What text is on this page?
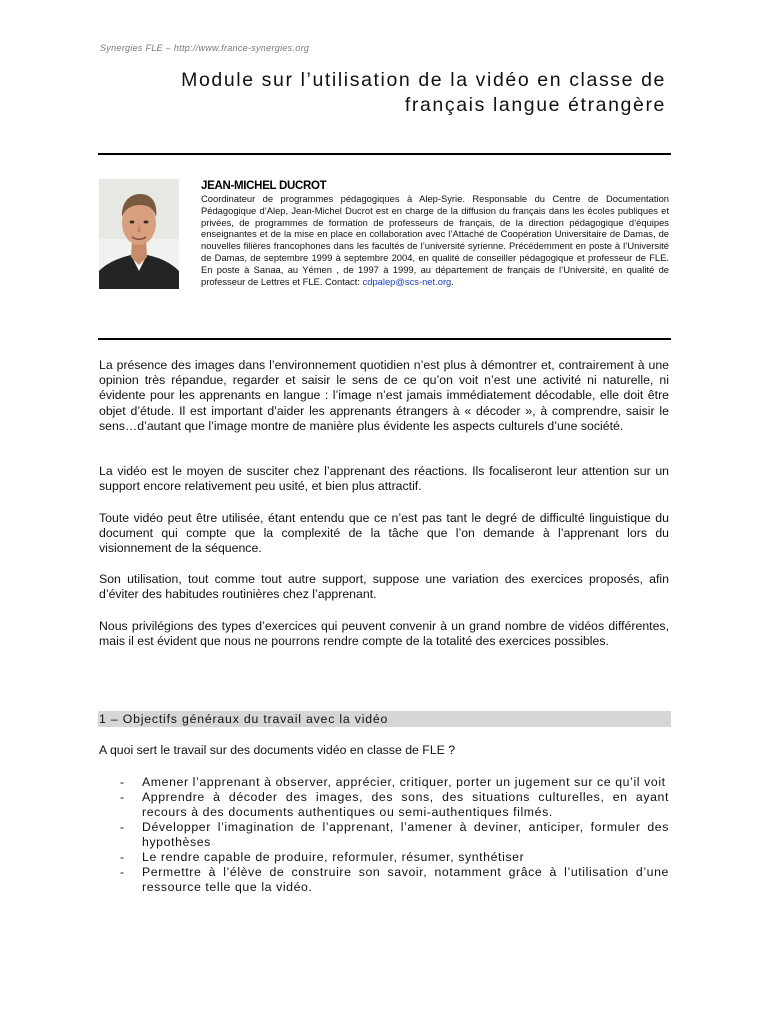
Synergies FLE – http://www.france-synergies.org
Module sur l’utilisation de la vidéo en classe de
français langue étrangère
JEAN-MICHEL DUCROT
Coordinateur de programmes pédagogiques à Alep-Syrie. Responsable du Centre de Documentation Pédagogique d’Alep, Jean-Michel Ducrot est en charge de la diffusion du français dans les écoles publiques et privées, de programmes de formation de professeurs de français, de la direction pédagogique d’équipes enseignantes et de la mise en place en collaboration avec l’Attaché de Coopération Universitaire de Damas, de nouvelles filières francophones dans les facultés de l’université syrienne. Précédemment en poste à l’Université de Damas, de septembre 1999 à septembre 2004, en qualité de conseiller pédagogique et professeur de FLE. En poste à Sanaa, au Yémen , de 1997 à 1999, au département de français de l’Université, en qualité de professeur de Lettres et FLE. Contact: cdpalep@scs-net.org.
La présence des images dans l’environnement quotidien n’est plus à démontrer et, contrairement à une opinion très répandue, regarder et saisir le sens de ce qu’on voit n’est une activité ni naturelle, ni évidente pour les apprenants en langue : l’image n’est jamais immédiatement décodable, elle doit être objet d’étude. Il est important d’aider les apprenants étrangers à « décoder », à comprendre, saisir le sens…d’autant que l’image montre de manière plus évidente les aspects culturels d’une société.
La vidéo est le moyen de susciter chez l’apprenant des réactions. Ils focaliseront leur attention sur un support encore relativement peu usité, et bien plus attractif.
Toute vidéo peut être utilisée, étant entendu que ce n’est pas tant le degré de difficulté linguistique du document qui compte que la complexité de la tâche que l’on demande à l’apprenant lors du visionnement de la séquence.
Son utilisation, tout comme tout autre support, suppose une variation des exercices proposés, afin d’éviter des habitudes routinières chez l’apprenant.
Nous privilégions des types d’exercices qui peuvent convenir à un grand nombre de vidéos différentes, mais il est évident que nous ne pourrons rendre compte de la totalité des exercices possibles.
1 – Objectifs généraux du travail avec la vidéo
A quoi sert le travail sur des documents vidéo en classe de FLE ?
- Amener l’apprenant à observer, apprécier, critiquer, porter un jugement sur ce qu’il voit
- Apprendre à décoder des images, des sons, des situations culturelles, en ayant recours à des documents authentiques ou semi-authentiques filmés.
- Développer l’imagination de l’apprenant, l’amener à deviner, anticiper, formuler des hypothèses
- Le rendre capable de produire, reformuler, résumer, synthétiser
- Permettre à l’élève de construire son savoir, notamment grâce à l’utilisation d’une ressource telle que la vidéo.
